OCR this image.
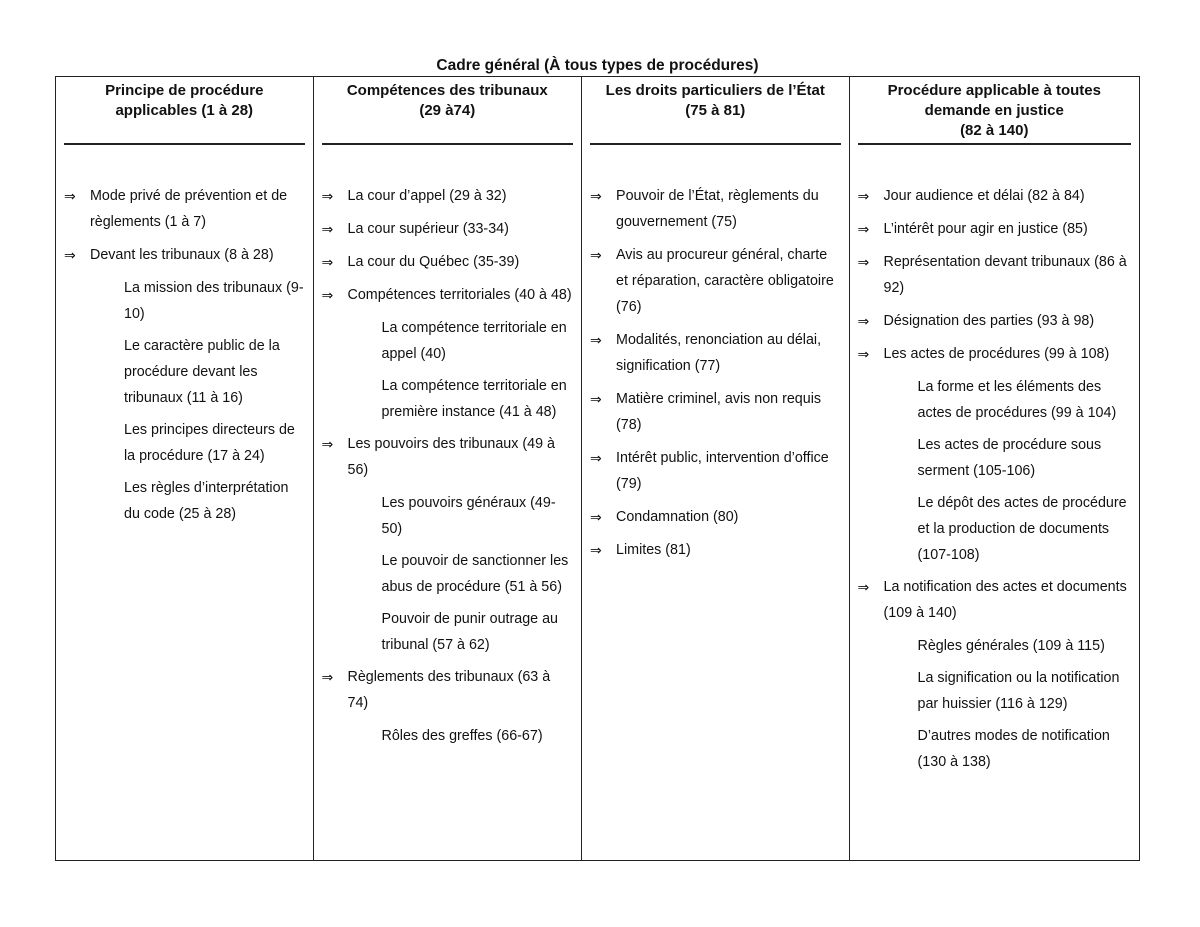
Cadre général (À tous types de procédures)
Principe de procédure
applicables (1 à 28)
⇒ Mode privé de prévention et de règlements (1 à 7)
⇒ Devant les tribunaux (8 à 28)
La mission des tribunaux (9-10)
Le caractère public de la procédure devant les tribunaux (11 à 16)
Les principes directeurs de la procédure (17 à 24)
Les règles d’interprétation du code (25 à 28)
Compétences des tribunaux
(29 à74)
⇒ La cour d’appel (29 à 32)
⇒ La cour supérieur (33-34)
⇒ La cour du Québec (35-39)
⇒ Compétences territoriales (40 à 48)
La compétence territoriale en appel (40)
La compétence territoriale en première instance (41 à 48)
⇒ Les pouvoirs des tribunaux (49 à 56)
Les pouvoirs généraux (49-50)
Le pouvoir de sanctionner les abus de procédure (51 à 56)
Pouvoir de punir outrage au tribunal (57 à 62)
⇒ Règlements des tribunaux (63 à 74)
Rôles des greffes (66-67)
Les droits particuliers de l’État
(75 à 81)
⇒ Pouvoir de l’État, règlements du gouvernement (75)
⇒ Avis au procureur général, charte et réparation, caractère obligatoire (76)
⇒ Modalités, renonciation au délai, signification (77)
⇒ Matière criminel, avis non requis (78)
⇒ Intérêt public, intervention d’office (79)
⇒ Condamnation (80)
⇒ Limites (81)
Procédure applicable à toutes
demande en justice
(82 à 140)
⇒ Jour audience et délai (82 à 84)
⇒ L’intérêt pour agir en justice (85)
⇒ Représentation devant tribunaux (86 à 92)
⇒ Désignation des parties (93 à 98)
⇒ Les actes de procédures (99 à 108)
La forme et les éléments des actes de procédures (99 à 104)
Les actes de procédure sous serment (105-106)
Le dépôt des actes de procédure et la production de documents (107-108)
⇒ La notification des actes et documents (109 à 140)
Règles générales (109 à 115)
La signification ou la notification par huissier (116 à 129)
D’autres modes de notification (130 à 138)
